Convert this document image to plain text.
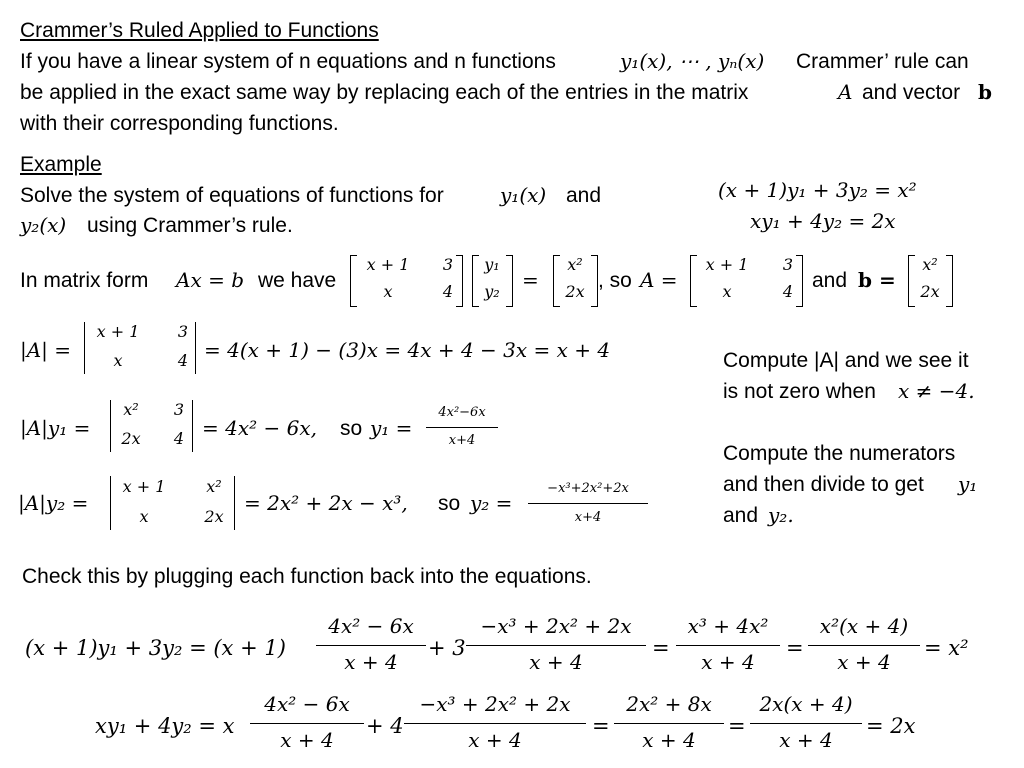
Crammer’s Ruled Applied to Functions
If you have a linear system of n equations and n functions	y₁(x), ⋯ , yₙ(x) Crammer’ rule can
be applied in the exact same way by replacing each of the entries in the matrix	A and vector b
with their corresponding functions.
Example
Solve the system of equations of functions for	y₁(x) and
y₂(x) using Crammer’s rule.
(x + 1)y₁ + 3y₂ = x²
xy₁ + 4y₂ = 2x
In matrix form Ax = b we have
x + 1	3
x	4
y₁
y₂	=
x²
2x , so A =
x + 1	3
x	4 and b =
x²
2x
|A| =
x + 1	3
x	4 = 4(x + 1) − (3)x = 4x + 4 − 3x = x + 4
|A|y₁ =
x²	3
2x	4 = 4x² − 6x, so y₁ =
4x²−6x
x+4
|A|y₂ =
x + 1	x²
x	2x
= 2x² + 2x − x³, so y₂ =
−x³+2x²+2x
x+4
Compute |A| and we see it
is not zero when x ≠ −4.
Compute the numerators
and then divide to get y₁
and y₂.
Check this by plugging each function back into the equations.
(x + 1)y₁ + 3y₂ = (x + 1)
4x² − 6x
x + 4
+ 3
−x³ + 2x² + 2x
x + 4
=
x³ + 4x²
x + 4
=
x²(x + 4)
x + 4
= x²
xy₁ + 4y₂ = x
4x² − 6x
x + 4
+ 4
−x³ + 2x² + 2x
x + 4
=
2x² + 8x
x + 4
=
2x(x + 4)
x + 4
= 2x
